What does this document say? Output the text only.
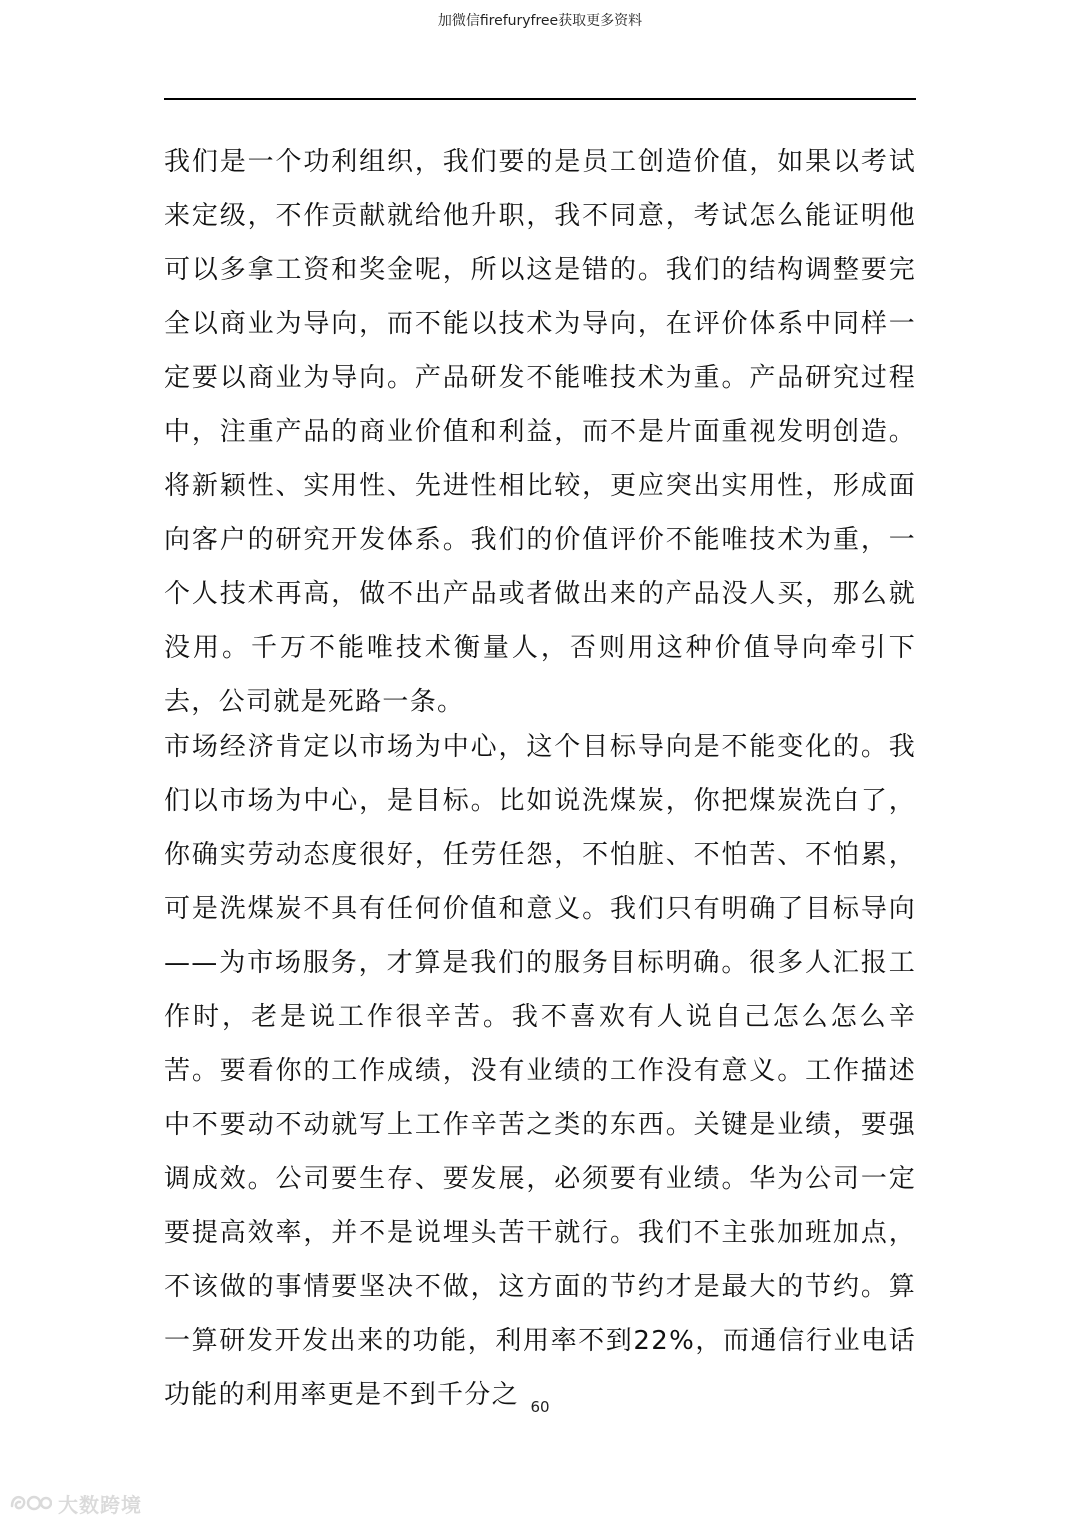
加微信firefuryfree获取更多资料

我们是一个功利组织，我们要的是员工创造价值，如果以考试来定级，不作贡献就给他升职，我不同意，考试怎么能证明他可以多拿工资和奖金呢，所以这是错的。我们的结构调整要完全以商业为导向，而不能以技术为导向，在评价体系中同样一定要以商业为导向。产品研发不能唯技术为重。产品研究过程中，注重产品的商业价值和利益，而不是片面重视发明创造。将新颖性、实用性、先进性相比较，更应突出实用性，形成面向客户的研究开发体系。我们的价值评价不能唯技术为重，一个人技术再高，做不出产品或者做出来的产品没人买，那么就没用。千万不能唯技术衡量人，否则用这种价值导向牵引下去，公司就是死路一条。

市场经济肯定以市场为中心，这个目标导向是不能变化的。我们以市场为中心，是目标。比如说洗煤炭，你把煤炭洗白了，你确实劳动态度很好，任劳任怨，不怕脏、不怕苦、不怕累，可是洗煤炭不具有任何价值和意义。我们只有明确了目标导向——为市场服务，才算是我们的服务目标明确。很多人汇报工作时，老是说工作很辛苦。我不喜欢有人说自己怎么怎么辛苦。要看你的工作成绩，没有业绩的工作没有意义。工作描述中不要动不动就写上工作辛苦之类的东西。关键是业绩，要强调成效。公司要生存、要发展，必须要有业绩。华为公司一定要提高效率，并不是说埋头苦干就行。我们不主张加班加点，不该做的事情要坚决不做，这方面的节约才是最大的节约。算一算研发开发出来的功能，利用率不到22%，而通信行业电话功能的利用率更是不到千分之 60
大数跨境
